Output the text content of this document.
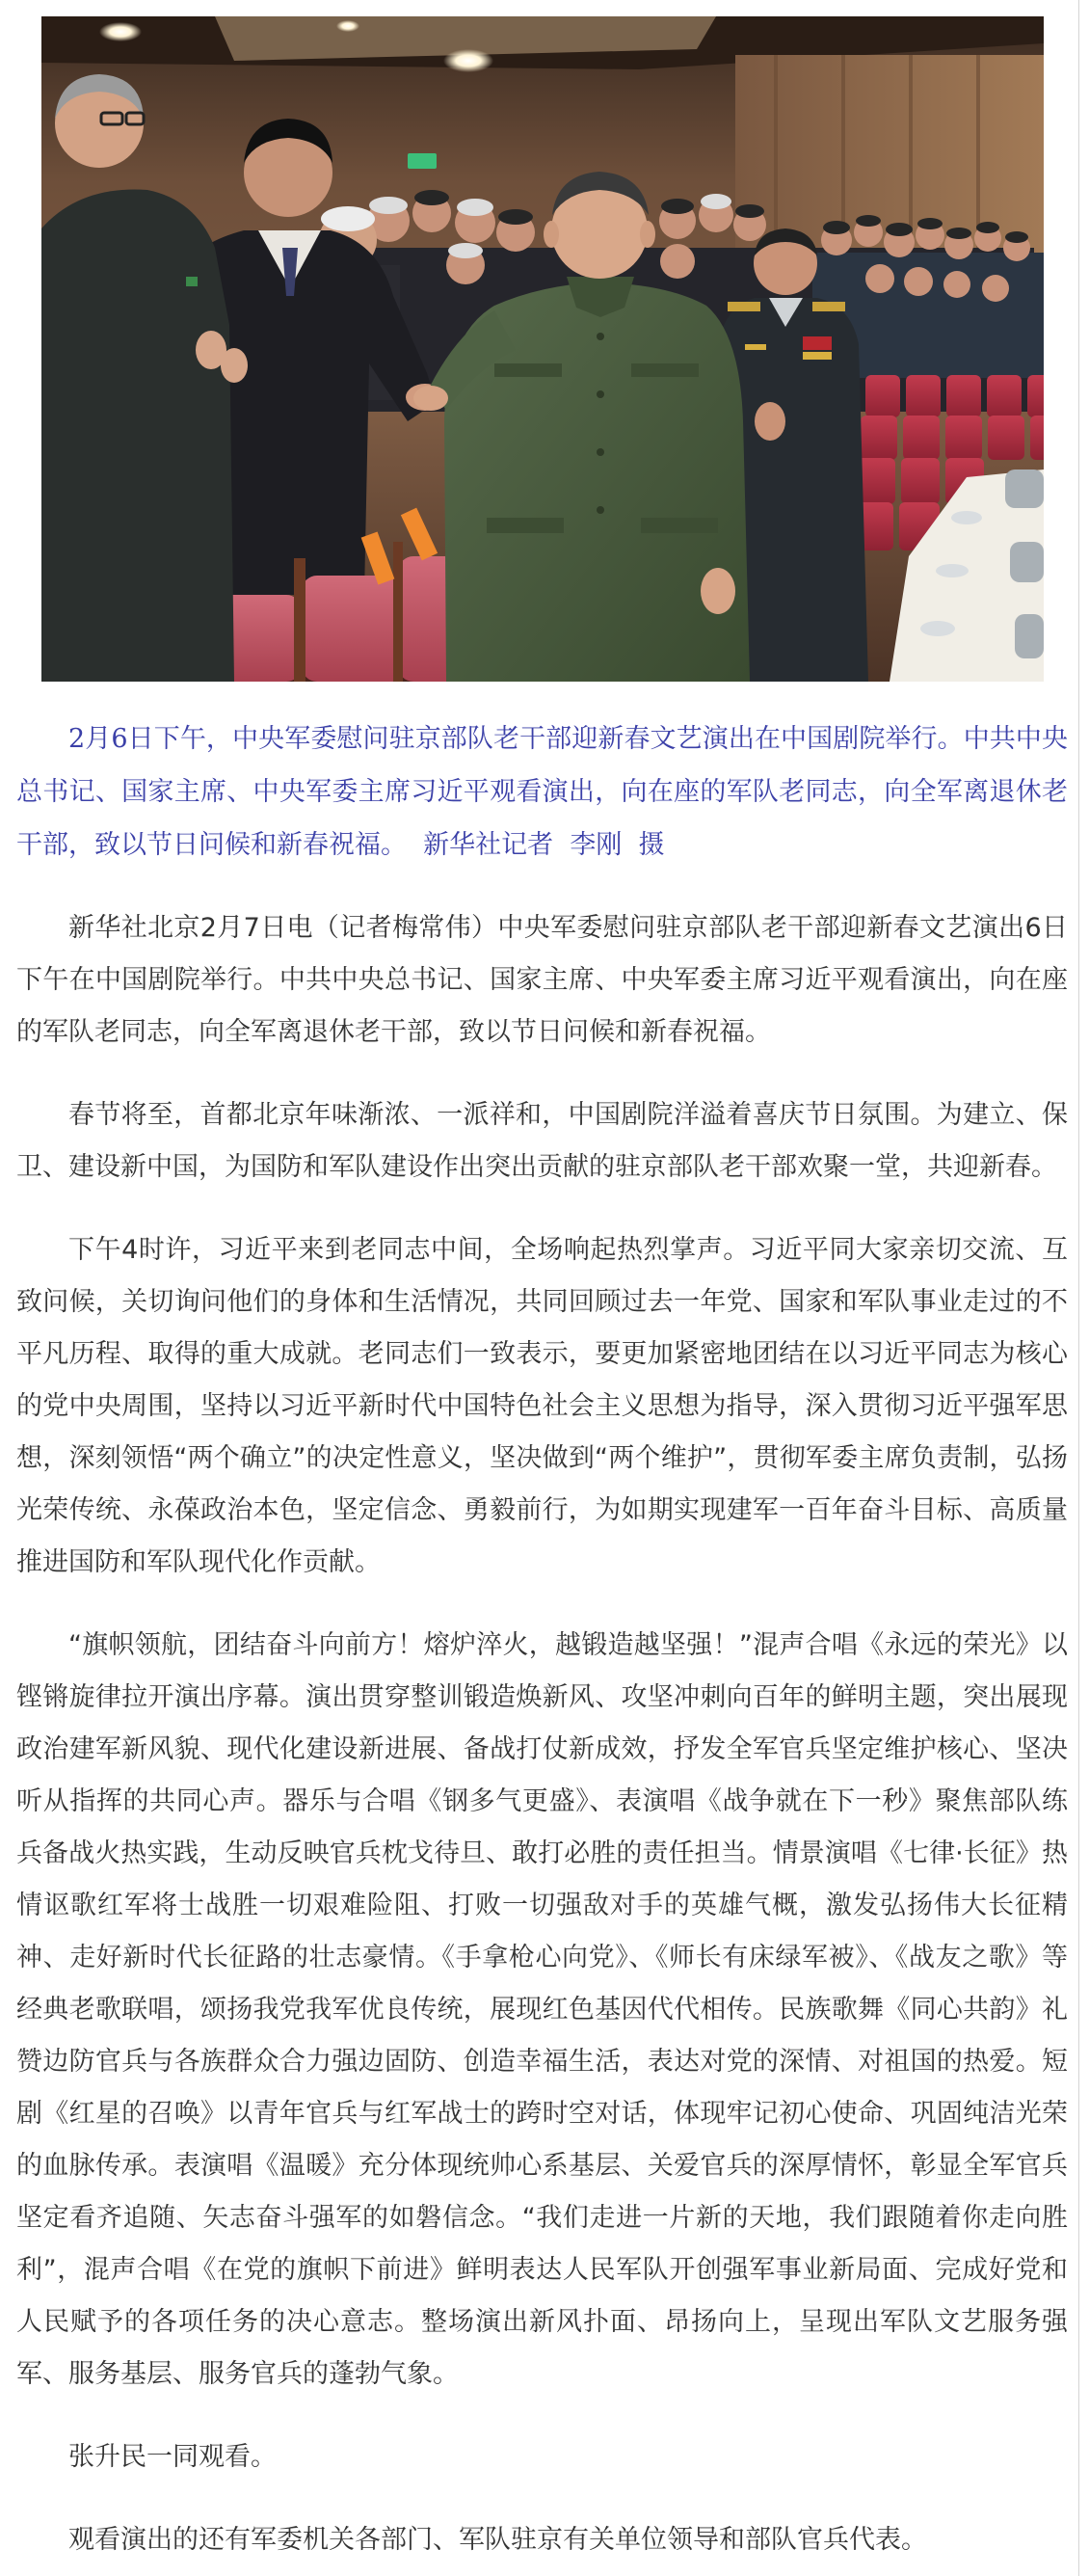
2月6日下午，中央军委慰问驻京部队老干部迎新春文艺演出在中国剧院举行。中共中央总书记、国家主席、中央军委主席习近平观看演出，向在座的军队老同志，向全军离退休老干部，致以节日问候和新春祝福。  新华社记者  李刚  摄

新华社北京2月7日电（记者梅常伟）中央军委慰问驻京部队老干部迎新春文艺演出6日下午在中国剧院举行。中共中央总书记、国家主席、中央军委主席习近平观看演出，向在座的军队老同志，向全军离退休老干部，致以节日问候和新春祝福。

春节将至，首都北京年味渐浓、一派祥和，中国剧院洋溢着喜庆节日氛围。为建立、保卫、建设新中国，为国防和军队建设作出突出贡献的驻京部队老干部欢聚一堂，共迎新春。

下午4时许，习近平来到老同志中间，全场响起热烈掌声。习近平同大家亲切交流、互致问候，关切询问他们的身体和生活情况，共同回顾过去一年党、国家和军队事业走过的不平凡历程、取得的重大成就。老同志们一致表示，要更加紧密地团结在以习近平同志为核心的党中央周围，坚持以习近平新时代中国特色社会主义思想为指导，深入贯彻习近平强军思想，深刻领悟“两个确立”的决定性意义，坚决做到“两个维护”，贯彻军委主席负责制，弘扬光荣传统、永葆政治本色，坚定信念、勇毅前行，为如期实现建军一百年奋斗目标、高质量推进国防和军队现代化作贡献。

“旗帜领航，团结奋斗向前方！熔炉淬火，越锻造越坚强！”混声合唱《永远的荣光》以铿锵旋律拉开演出序幕。演出贯穿整训锻造焕新风、攻坚冲刺向百年的鲜明主题，突出展现政治建军新风貌、现代化建设新进展、备战打仗新成效，抒发全军官兵坚定维护核心、坚决听从指挥的共同心声。器乐与合唱《钢多气更盛》、表演唱《战争就在下一秒》聚焦部队练兵备战火热实践，生动反映官兵枕戈待旦、敢打必胜的责任担当。情景演唱《七律·长征》热情讴歌红军将士战胜一切艰难险阻、打败一切强敌对手的英雄气概，激发弘扬伟大长征精神、走好新时代长征路的壮志豪情。《手拿枪心向党》、《师长有床绿军被》、《战友之歌》等经典老歌联唱，颂扬我党我军优良传统，展现红色基因代代相传。民族歌舞《同心共韵》礼赞边防官兵与各族群众合力强边固防、创造幸福生活，表达对党的深情、对祖国的热爱。短剧《红星的召唤》以青年官兵与红军战士的跨时空对话，体现牢记初心使命、巩固纯洁光荣的血脉传承。表演唱《温暖》充分体现统帅心系基层、关爱官兵的深厚情怀，彰显全军官兵坚定看齐追随、矢志奋斗强军的如磐信念。“我们走进一片新的天地，我们跟随着你走向胜利”，混声合唱《在党的旗帜下前进》鲜明表达人民军队开创强军事业新局面、完成好党和人民赋予的各项任务的决心意志。整场演出新风扑面、昂扬向上，呈现出军队文艺服务强军、服务基层、服务官兵的蓬勃气象。

张升民一同观看。

观看演出的还有军委机关各部门、军队驻京有关单位领导和部队官兵代表。
